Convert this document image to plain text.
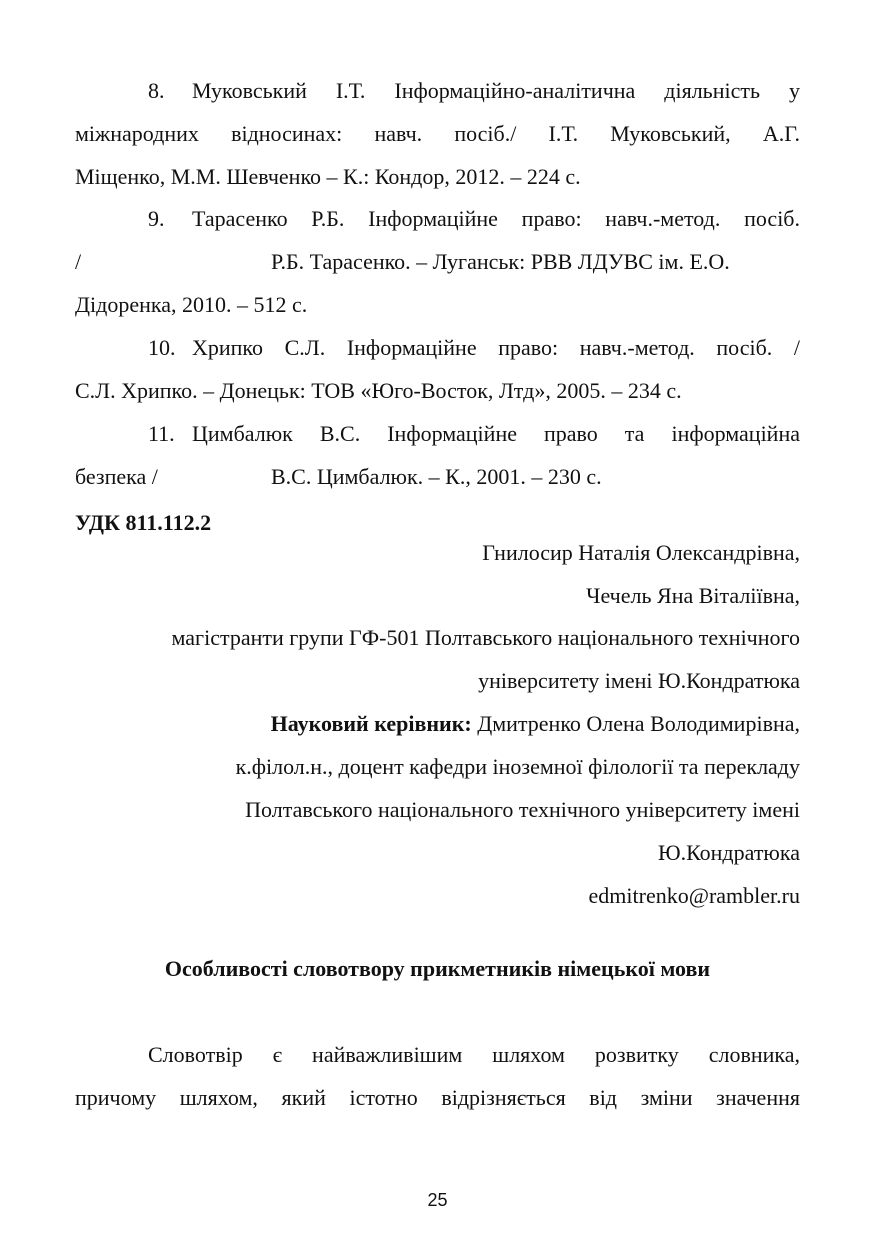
8. Муковський І.Т. Інформаційно-аналітична діяльність у
міжнародних відносинах: навч. посіб./ І.Т. Муковський, А.Г.
Міщенко, М.М. Шевченко – К.: Кондор, 2012. – 224 с.
9. Тарасенко Р.Б. Інформаційне право: навч.-метод. посіб.
/	Р.Б. Тарасенко. – Луганськ: РВВ ЛДУВС ім. Е.О.
Дідоренка, 2010. – 512 с.
10. Хрипко С.Л. Інформаційне право: навч.-метод. посіб. /
С.Л. Хрипко. – Донецьк: ТОВ «Юго-Восток, Лтд», 2005. – 234 с.
11. Цимбалюк В.С. Інформаційне право та інформаційна
безпека /	В.С. Цимбалюк. – К., 2001. – 230 с.
УДК 811.112.2
Гнилосир Наталія Олександрівна,
Чечель Яна Віталіївна,
магістранти групи ГФ-501 Полтавського національного технічного
університету імені Ю.Кондратюка
Науковий керівник: Дмитренко Олена Володимирівна,
к.філол.н., доцент кафедри іноземної філології та перекладу
Полтавського національного технічного університету імені
Ю.Кондратюка
edmitrenko@rambler.ru
Особливості словотвору прикметників німецької мови
Словотвір є найважливішим шляхом розвитку словника,
причому шляхом, який істотно відрізняється від зміни значення
25
